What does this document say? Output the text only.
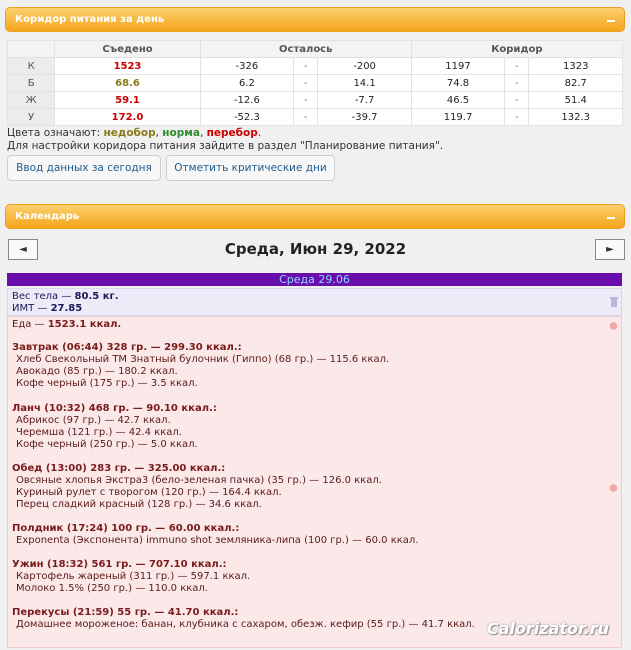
Коридор питания за день
	Съедено	Осталось			Коридор		
К	1523	-326	-	-200	1197	-	1323
Б	68.6	6.2	-	14.1	74.8	-	82.7
Ж	59.1	-12.6	-	-7.7	46.5	-	51.4
У	172.0	-52.3	-	-39.7	119.7	-	132.3
Цвета означают: недобор, норма, перебор.
Для настройки коридора питания зайдите в раздел "Планирование питания".
Ввод данных за сегодня	Отметить критические дни
Календарь
Среда, Июн 29, 2022
◄	►
Среда 29.06
Вес тела — 80.5 кг.
ИМТ — 27.85
Еда — 1523.1 ккал.
Завтрак (06:44) 328 гр. — 299.30 ккал.:
Хлеб Свекольный ТМ Знатный булочник (Гиппо) (68 гр.) — 115.6 ккал.
Авокадо (85 гр.) — 180.2 ккал.
Кофе черный (175 гр.) — 3.5 ккал.
Ланч (10:32) 468 гр. — 90.10 ккал.:
Абрикос (97 гр.) — 42.7 ккал.
Черемша (121 гр.) — 42.4 ккал.
Кофе черный (250 гр.) — 5.0 ккал.
Обед (13:00) 283 гр. — 325.00 ккал.:
Овсяные хлопья Экстра3 (бело-зеленая пачка) (35 гр.) — 126.0 ккал.
Куриный рулет с творогом (120 гр.) — 164.4 ккал.
Перец сладкий красный (128 гр.) — 34.6 ккал.
Полдник (17:24) 100 гр. — 60.00 ккал.:
Exponenta (Экспонента) immuno shot земляника-липа (100 гр.) — 60.0 ккал.
Ужин (18:32) 561 гр. — 707.10 ккал.:
Картофель жареный (311 гр.) — 597.1 ккал.
Молоко 1.5% (250 гр.) — 110.0 ккал.
Перекусы (21:59) 55 гр. — 41.70 ккал.:
Домашнее мороженое: банан, клубника с сахаром, обезж. кефир (55 гр.) — 41.7 ккал. Calorizator.ru
